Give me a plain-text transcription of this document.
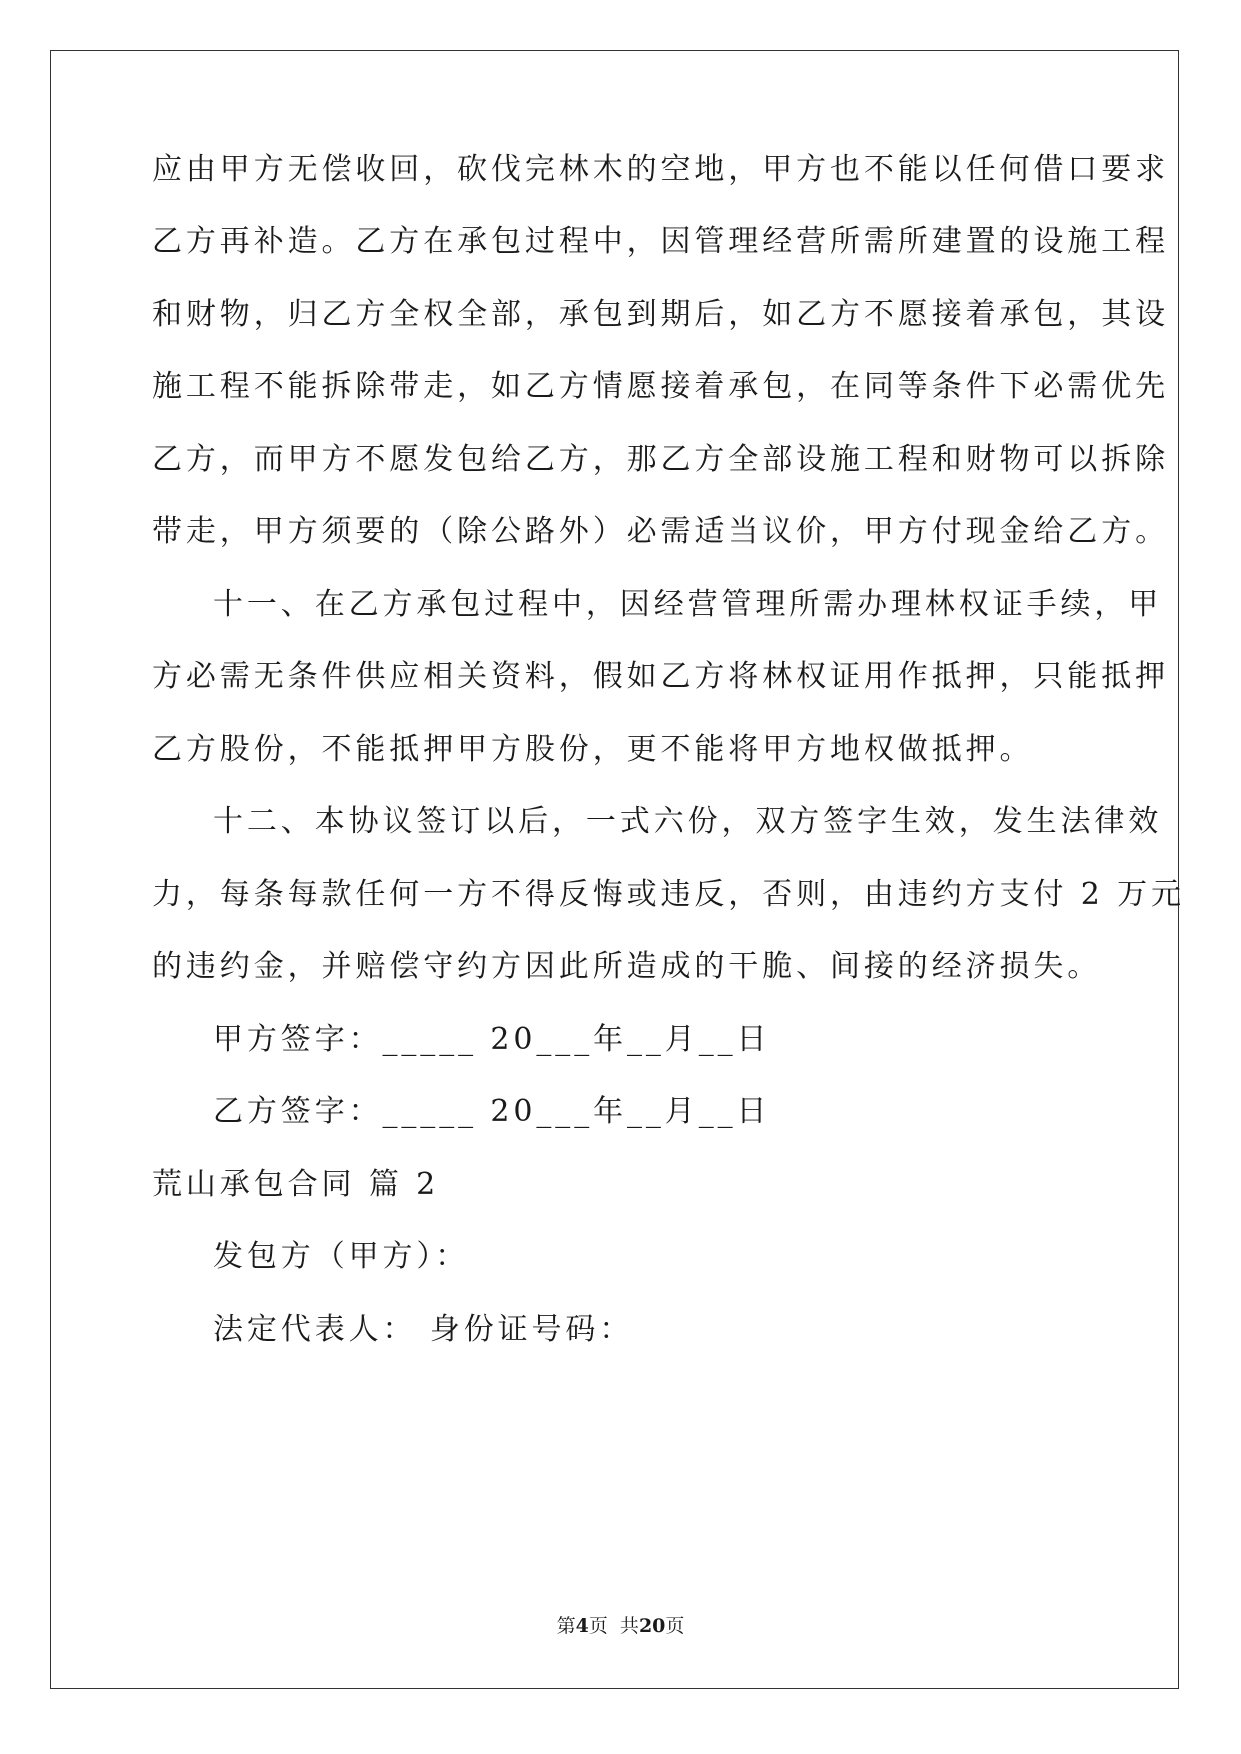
应由甲方无偿收回，砍伐完林木的空地，甲方也不能以任何借口要求
乙方再补造。乙方在承包过程中，因管理经营所需所建置的设施工程
和财物，归乙方全权全部，承包到期后，如乙方不愿接着承包，其设
施工程不能拆除带走，如乙方情愿接着承包，在同等条件下必需优先
乙方，而甲方不愿发包给乙方，那乙方全部设施工程和财物可以拆除
带走，甲方须要的（除公路外）必需适当议价，甲方付现金给乙方。
十一、在乙方承包过程中，因经营管理所需办理林权证手续，甲
方必需无条件供应相关资料，假如乙方将林权证用作抵押，只能抵押
乙方股份，不能抵押甲方股份，更不能将甲方地权做抵押。
十二、本协议签订以后，一式六份，双方签字生效，发生法律效
力，每条每款任何一方不得反悔或违反，否则，由违约方支付 2 万元
的违约金，并赔偿守约方因此所造成的干脆、间接的经济损失。
甲方签字：_____ 20___年__月__日
乙方签字：_____ 20___年__月__日
荒山承包合同 篇 2
发包方（甲方）：
法定代表人： 身份证号码：
第4页  共20页
